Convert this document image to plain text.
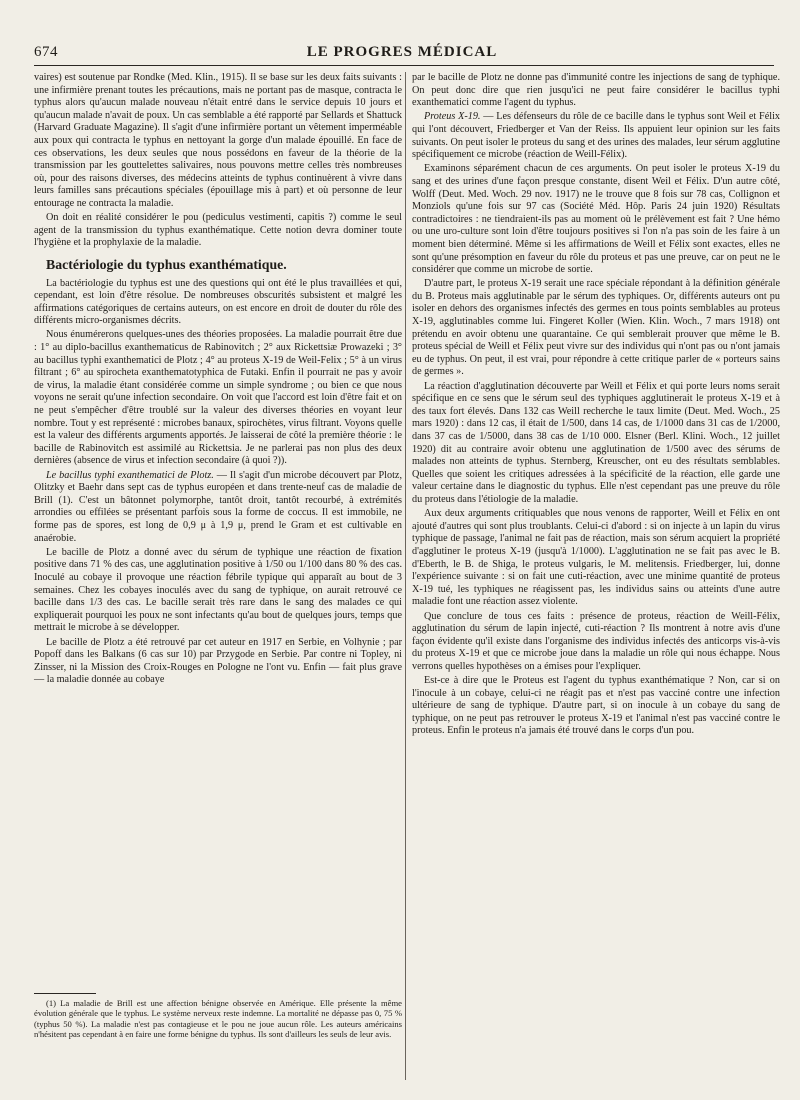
674	LE PROGRES MÉDICAL

vaires) est soutenue par Rondke (Med. Klin., 1915). Il se base sur les deux faits suivants : une infirmière prenant toutes les précautions, mais ne portant pas de masque, contracta le typhus alors qu'aucun malade nouveau n'était entré dans le service depuis 10 jours et qu'aucun malade n'avait de poux. Un cas semblable a été rapporté par Sellards et Shattuck (Harvard Graduate Magazine). Il s'agit d'une infirmière portant un vêtement imperméable aux poux qui contracta le typhus en nettoyant la gorge d'un malade épouillé. En face de ces observations, les deux seules que nous possédons en faveur de la théorie de la transmission par les gouttelettes salivaires, nous pouvons mettre celles très nombreuses où, pour des raisons diverses, des médecins atteints de typhus continuèrent à vivre dans leurs familles sans précautions spéciales (épouillage mis à part) et où personne de leur entourage ne contracta la maladie.

On doit en réalité considérer le pou (pediculus vestimenti, capitis ?) comme le seul agent de la transmission du typhus exanthématique. Cette notion devra dominer toute l'hygiène et la prophylaxie de la maladie.

Bactériologie du typhus exanthématique.

La bactériologie du typhus est une des questions qui ont été le plus travaillées et qui, cependant, est loin d'être résolue. De nombreuses obscurités subsistent et malgré les affirmations catégoriques de certains auteurs, on est encore en droit de douter du rôle des différents micro-organismes décrits.

Nous énumérerons quelques-unes des théories proposées. La maladie pourrait être due : 1° au diplo-bacillus exanthematicus de Rabinovitch ; 2° aux Rickettsiæ Prowazeki ; 3° au bacillus typhi exanthematici de Plotz ; 4° au proteus X-19 de Weil-Felix ; 5° à un virus filtrant ; 6° au spirocheta exanthematotyphica de Futaki. Enfin il pourrait ne pas y avoir de virus, la maladie étant considérée comme un simple syndrome ; ou bien ce que nous voyons ne serait qu'une infection secondaire. On voit que l'accord est loin d'être fait et on ne peut s'empêcher d'être troublé sur la valeur des diverses théories en voyant leur nombre. Tout y est représenté : microbes banaux, spirochètes, virus filtrant. Voyons quelle est la valeur des différents arguments apportés. Je laisserai de côté la première théorie : le bacille de Rabinovitch est assimilé au Rickettsia. Je ne parlerai pas non plus des deux dernières (absence de virus et infection secondaire (à quoi ?)).

Le bacillus typhi exanthematici de Plotz. — Il s'agit d'un microbe découvert par Plotz, Olitzky et Baehr dans sept cas de typhus européen et dans trente-neuf cas de maladie de Brill (1). C'est un bâtonnet polymorphe, tantôt droit, tantôt recourbé, à extrémités arrondies ou effilées se présentant parfois sous la forme de coccus. Il est immobile, ne forme pas de spores, est long de 0,9 μ à 1,9 μ, prend le Gram et est cultivable en anaérobie.

Le bacille de Plotz a donné avec du sérum de typhique une réaction de fixation positive dans 71 % des cas, une agglutination positive à 1/50 ou 1/100 dans 80 % des cas. Inoculé au cobaye il provoque une réaction fébrile typique qui apparaît au bout de 3 semaines. Chez les cobayes inoculés avec du sang de typhique, on aurait retrouvé ce bacille dans 1/3 des cas. Le bacille serait très rare dans le sang des malades ce qui expliquerait pourquoi les poux ne sont infectants qu'au bout de quelques jours, temps que mettrait le microbe à se développer.

Le bacille de Plotz a été retrouvé par cet auteur en 1917 en Serbie, en Volhynie ; par Popoff dans les Balkans (6 cas sur 10) par Przygode en Serbie. Par contre ni Topley, ni Zinsser, ni la Mission des Croix-Rouges en Pologne ne l'ont vu. Enfin — fait plus grave — la maladie donnée au cobaye

par le bacille de Plotz ne donne pas d'immunité contre les injections de sang de typhique. On peut donc dire que rien jusqu'ici ne peut faire considérer le bacillus typhi exanthematici comme l'agent du typhus.

Proteus X-19. — Les défenseurs du rôle de ce bacille dans le typhus sont Weil et Félix qui l'ont découvert, Friedberger et Van der Reiss. Ils appuient leur opinion sur les faits suivants. On peut isoler le proteus du sang et des urines des malades, leur sérum agglutine spécifiquement ce microbe (réaction de Weill-Félix).

Examinons séparément chacun de ces arguments. On peut isoler le proteus X-19 du sang et des urines d'une façon presque constante, disent Weil et Félix. D'un autre côté, Wolff (Deut. Med. Woch. 29 nov. 1917) ne le trouve que 8 fois sur 78 cas, Collignon et Monziols qu'une fois sur 97 cas (Société Méd. Hôp. Paris 24 juin 1920) Résultats contradictoires : ne tiendraient-ils pas au moment où le prélèvement est fait ? Une hémo ou une uro-culture sont loin d'être toujours positives si l'on n'a pas soin de les faire à un moment bien déterminé. Même si les affirmations de Weill et Félix sont exactes, elles ne sont qu'une présomption en faveur du rôle du proteus et pas une preuve, car on peut ne le considérer que comme un microbe de sortie.

D'autre part, le proteus X-19 serait une race spéciale répondant à la définition générale du B. Proteus mais agglutinable par le sérum des typhiques. Or, différents auteurs ont pu isoler en dehors des organismes infectés des germes en tous points semblables au proteus X-19, agglutinables comme lui. Fingeret Koller (Wien. Klin. Woch., 7 mars 1918) ont prétendu en avoir obtenu une quarantaine. Ce qui semblerait prouver que même le B. proteus spécial de Weill et Félix peut vivre sur des individus qui n'ont pas ou n'ont jamais eu de typhus. On peut, il est vrai, pour répondre à cette critique parler de « porteurs sains de germes ».

La réaction d'agglutination découverte par Weill et Félix et qui porte leurs noms serait spécifique en ce sens que le sérum seul des typhiques agglutinerait le proteus X-19 et à des taux fort élevés. Dans 132 cas Weill recherche le taux limite (Deut. Med. Woch., 25 mars 1920) : dans 12 cas, il était de 1/500, dans 14 cas, de 1/1000 dans 31 cas de 1/2000, dans 37 cas de 1/5000, dans 38 cas de 1/10 000. Elsner (Berl. Klini. Woch., 12 juillet 1920) dit au contraire avoir obtenu une agglutination de 1/500 avec des sérums de malades non atteints de typhus. Sternberg, Kreuscher, ont eu des résultats semblables. Quelles que soient les critiques adressées à la spécificité de la réaction, elle garde une valeur certaine dans le diagnostic du typhus. Elle n'est cependant pas une preuve du rôle du proteus dans l'étiologie de la maladie.

Aux deux arguments critiquables que nous venons de rapporter, Weill et Félix en ont ajouté d'autres qui sont plus troublants. Celui-ci d'abord : si on injecte à un lapin du virus typhique de passage, l'animal ne fait pas de réaction, mais son sérum acquiert la propriété d'agglutiner le proteus X-19 (jusqu'à 1/1000). L'agglutination ne se fait pas avec le B. d'Eberth, le B. de Shiga, le proteus vulgaris, le M. melitensis. Friedberger, lui, donne l'expérience suivante : si on fait une cuti-réaction, avec une minime quantité de proteus X-19 tué, les typhiques ne réagissent pas, les individus sains ou atteints d'une autre maladie font une réaction assez violente.

Que conclure de tous ces faits : présence de proteus, réaction de Weill-Félix, agglutination du sérum de lapin injecté, cuti-réaction ? Ils montrent à notre avis d'une façon évidente qu'il existe dans l'organisme des individus infectés des anticorps vis-à-vis du proteus X-19 et que ce microbe joue dans la maladie un rôle qui nous échappe. Nous verrons quelles hypothèses on a émises pour l'expliquer.

Est-ce à dire que le Proteus est l'agent du typhus exanthématique ? Non, car si on l'inocule à un cobaye, celui-ci ne réagit pas et n'est pas vacciné contre une infection ultérieure de sang de typhique. D'autre part, si on inocule à un cobaye du sang de typhique, on ne peut pas retrouver le proteus X-19 et l'animal n'est pas vacciné contre le proteus. Enfin le proteus n'a jamais été trouvé dans le corps d'un pou.

(1) La maladie de Brill est une affection bénigne observée en Amérique. Elle présente la même évolution générale que le typhus. Le système nerveux reste indemne. La mortalité ne dépasse pas 0, 75 % (typhus 50 %). La maladie n'est pas contagieuse et le pou ne joue aucun rôle. Les auteurs américains n'hésitent pas cependant à en faire une forme bénigne du typhus. Ils sont d'ailleurs les seuls de leur avis.
